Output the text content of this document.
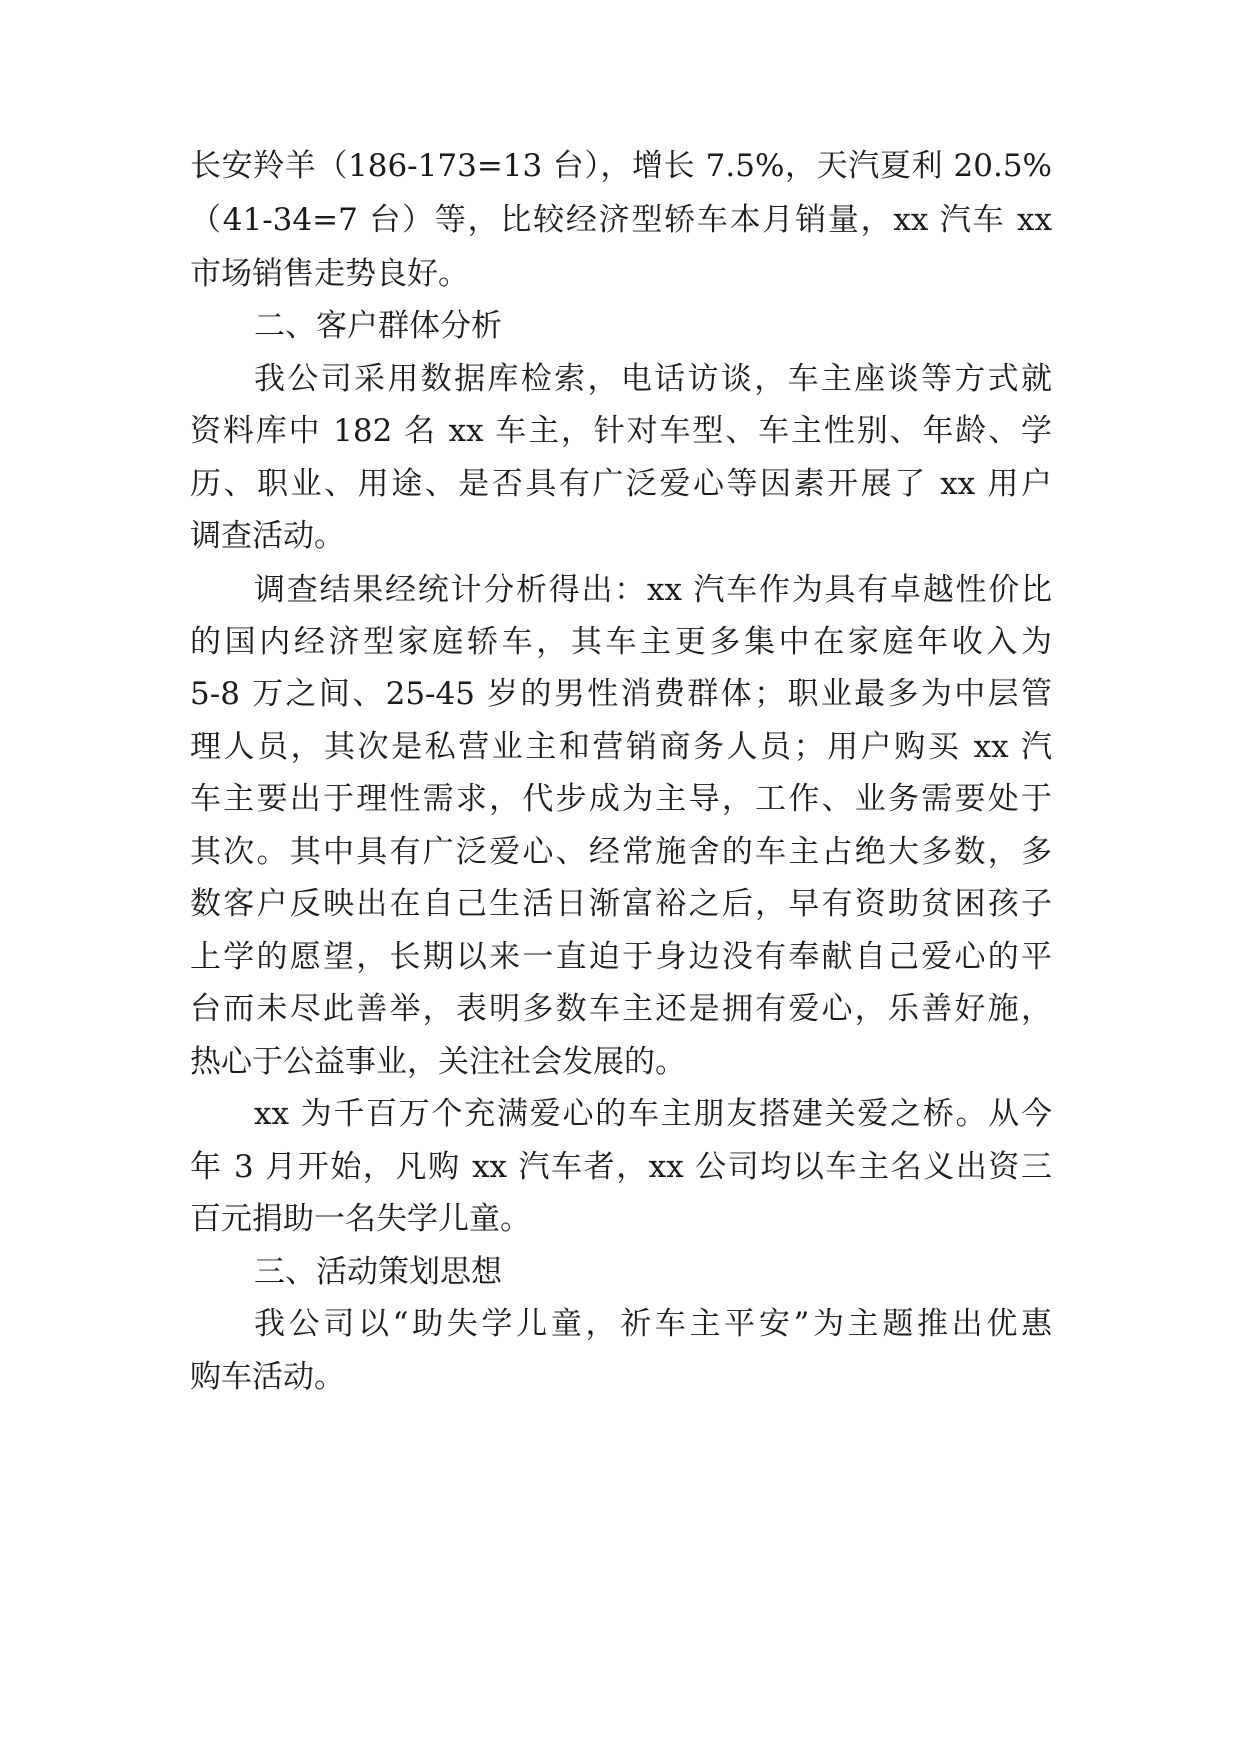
长安羚羊（186-173=13 台），增长 7.5%，天汽夏利 20.5%
（41-34=7 台）等，比较经济型轿车本月销量，xx 汽车 xx
市场销售走势良好。
二、客户群体分析
我公司采用数据库检索，电话访谈，车主座谈等方式就
资料库中 182 名 xx 车主，针对车型、车主性别、年龄、学
历、职业、用途、是否具有广泛爱心等因素开展了 xx 用户
调查活动。
调查结果经统计分析得出：xx 汽车作为具有卓越性价比
的国内经济型家庭轿车，其车主更多集中在家庭年收入为
5-8 万之间、25-45 岁的男性消费群体；职业最多为中层管
理人员，其次是私营业主和营销商务人员；用户购买 xx 汽
车主要出于理性需求，代步成为主导，工作、业务需要处于
其次。其中具有广泛爱心、经常施舍的车主占绝大多数，多
数客户反映出在自己生活日渐富裕之后，早有资助贫困孩子
上学的愿望，长期以来一直迫于身边没有奉献自己爱心的平
台而未尽此善举，表明多数车主还是拥有爱心，乐善好施，
热心于公益事业，关注社会发展的。
xx 为千百万个充满爱心的车主朋友搭建关爱之桥。从今
年 3 月开始，凡购 xx 汽车者，xx 公司均以车主名义出资三
百元捐助一名失学儿童。
三、活动策划思想
我公司以“助失学儿童，祈车主平安”为主题推出优惠
购车活动。
